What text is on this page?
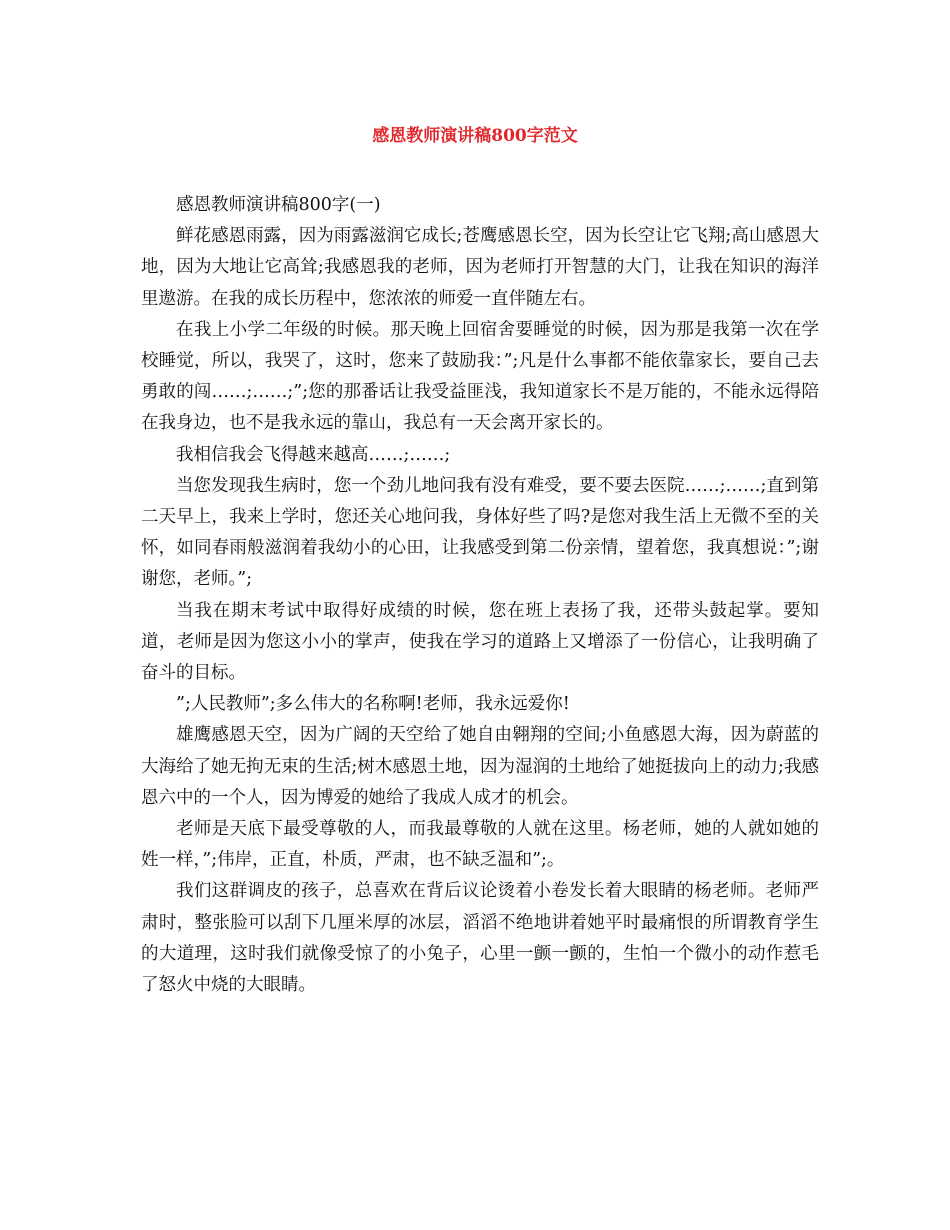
感恩教师演讲稿800字范文

感恩教师演讲稿800字(一)

鲜花感恩雨露，因为雨露滋润它成长;苍鹰感恩长空，因为长空让它飞翔;高山感恩大地，因为大地让它高耸;我感恩我的老师，因为老师打开智慧的大门，让我在知识的海洋里遨游。在我的成长历程中，您浓浓的师爱一直伴随左右。

在我上小学二年级的时候。那天晚上回宿舍要睡觉的时候，因为那是我第一次在学校睡觉，所以，我哭了，这时，您来了鼓励我：”;凡是什么事都不能依靠家长，要自己去勇敢的闯……;……;”;您的那番话让我受益匪浅，我知道家长不是万能的，不能永远得陪在我身边，也不是我永远的靠山，我总有一天会离开家长的。

我相信我会飞得越来越高……;……;

当您发现我生病时，您一个劲儿地问我有没有难受，要不要去医院……;……;直到第二天早上，我来上学时，您还关心地问我，身体好些了吗?是您对我生活上无微不至的关怀，如同春雨般滋润着我幼小的心田，让我感受到第二份亲情，望着您，我真想说：”;谢谢您，老师。”;

当我在期末考试中取得好成绩的时候，您在班上表扬了我，还带头鼓起掌。要知道，老师是因为您这小小的掌声，使我在学习的道路上又增添了一份信心，让我明确了奋斗的目标。

”;人民教师”;多么伟大的名称啊!老师，我永远爱你!

雄鹰感恩天空，因为广阔的天空给了她自由翱翔的空间;小鱼感恩大海，因为蔚蓝的大海给了她无拘无束的生活;树木感恩土地，因为湿润的土地给了她挺拔向上的动力;我感恩六中的一个人，因为博爱的她给了我成人成才的机会。

老师是天底下最受尊敬的人，而我最尊敬的人就在这里。杨老师，她的人就如她的姓一样，”;伟岸，正直，朴质，严肃，也不缺乏温和”;。

我们这群调皮的孩子，总喜欢在背后议论烫着小卷发长着大眼睛的杨老师。老师严肃时，整张脸可以刮下几厘米厚的冰层，滔滔不绝地讲着她平时最痛恨的所谓教育学生的大道理，这时我们就像受惊了的小兔子，心里一颤一颤的，生怕一个微小的动作惹毛了怒火中烧的大眼睛。
